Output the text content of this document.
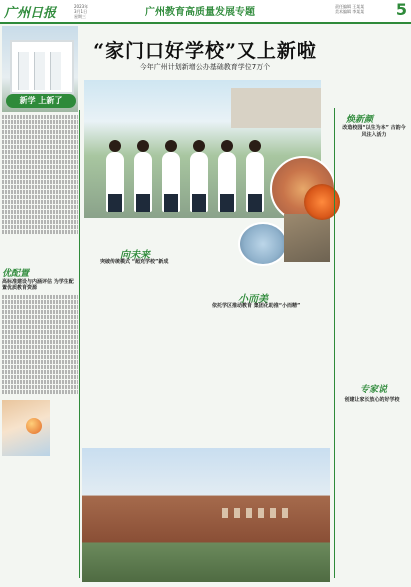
广州日报	2023年
3月1日
星期三	广州教育高质量发展专题
责任编辑 王某某
美术编辑 李某某	5
新学 上新了
优配置
高标准建设与内涵评估 为学生配置优质教育资源
“家门口好学校”又上新啦
今年广州计划新增公办基础教育学位7万个
向未来
突破传统模式 “超充学校”新成
小而美
依托学区推动教育 集团化助推“小而精”
焕新颜
改造校园“以生为本” 古韵今风注入活力
专家说
创建让家长放心的好学校
